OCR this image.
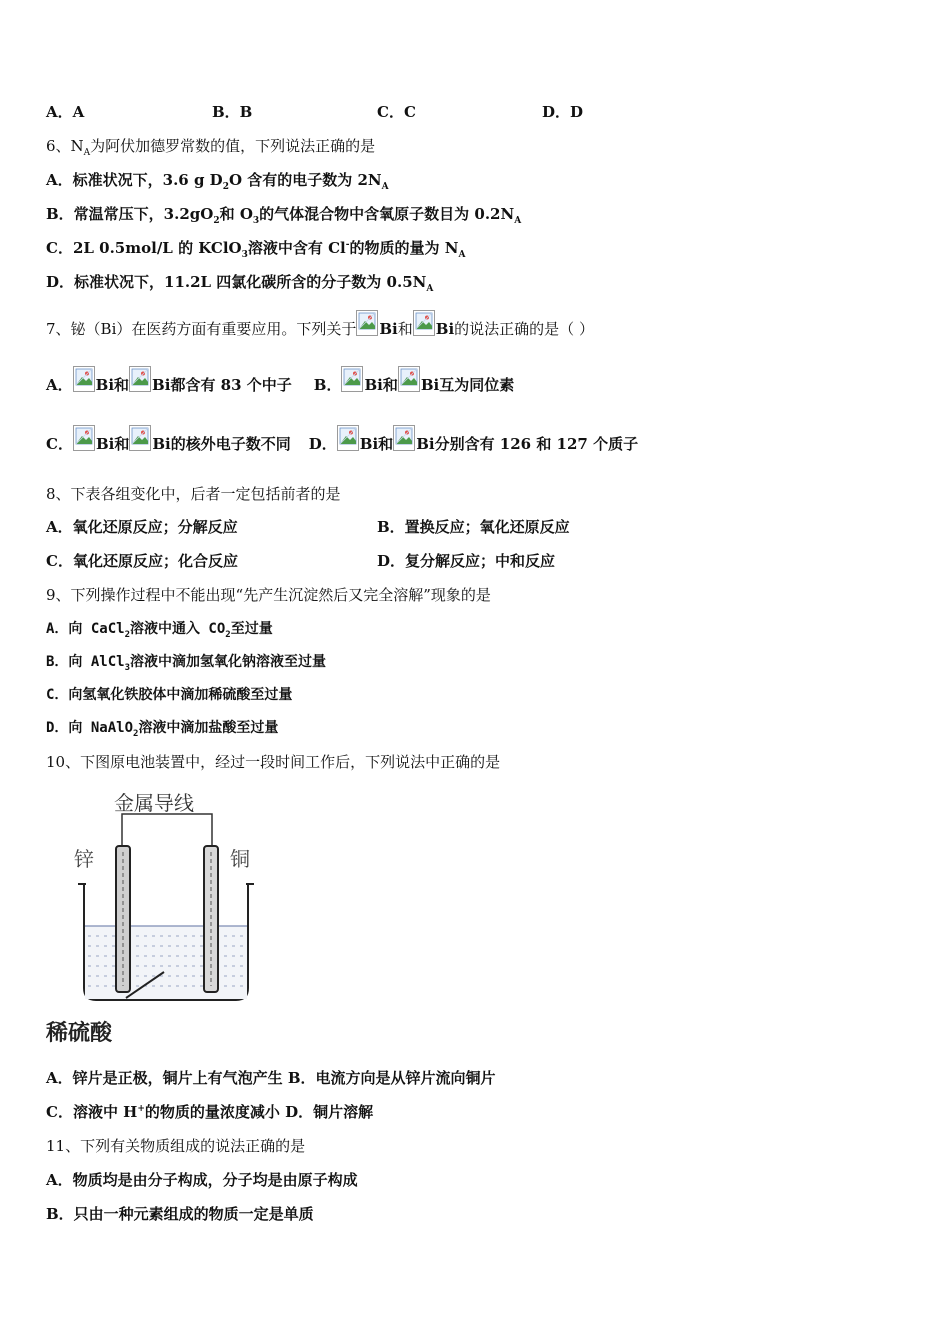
A．A	B．B	C．C	D．D
6、$N_A$为阿伏加德罗常数的值，下列说法正确的是
A．标准状况下，3.6 g $D_2O$ 含有的电子数为 $2N_A$
B．常温常压下，$3.2gO_2$和 $O_3$的气体混合物中含氧原子数目为 $0.2N_A$
C．2L 0.5mol/L 的 KClO$_3$溶液中含有 Cl-的物质的量为 $N_A$
D．标准状况下，11.2L 四氯化碳所含的分子数为 $0.5N_A$
7、铋（Bi）在医药方面有重要应用。下列关于 Bi和 Bi的说法正确的是（ ）
A． Bi和 Bi都含有 83 个中子 B． Bi和 Bi互为同位素
C． Bi和 Bi的核外电子数不同 D． Bi和 Bi分别含有 126 和 127 个质子
8、下表各组变化中，后者一定包括前者的是
A．氧化还原反应；分解反应	B．置换反应；氧化还原反应
C．氧化还原反应；化合反应	D．复分解反应；中和反应
9、下列操作过程中不能出现“先产生沉淀然后又完全溶解”现象的是
A．向 CaCl$_2$溶液中通入 $CO_2$至过量
B．向 AlCl$_3$溶液中滴加氢氧化钠溶液至过量
C．向氢氧化铁胶体中滴加稀硫酸至过量
D．向 NaAlO$_2$溶液中滴加盐酸至过量
10、下图原电池装置中，经过一段时间工作后，下列说法中正确的是
金属导线
锌	铜
稀硫酸
A．锌片是正极，铜片上有气泡产生 B．电流方向是从锌片流向铜片
C．溶液中 H+的物质的量浓度减小 D．铜片溶解
11、下列有关物质组成的说法正确的是
A．物质均是由分子构成，分子均是由原子构成
B．只由一种元素组成的物质一定是单质
